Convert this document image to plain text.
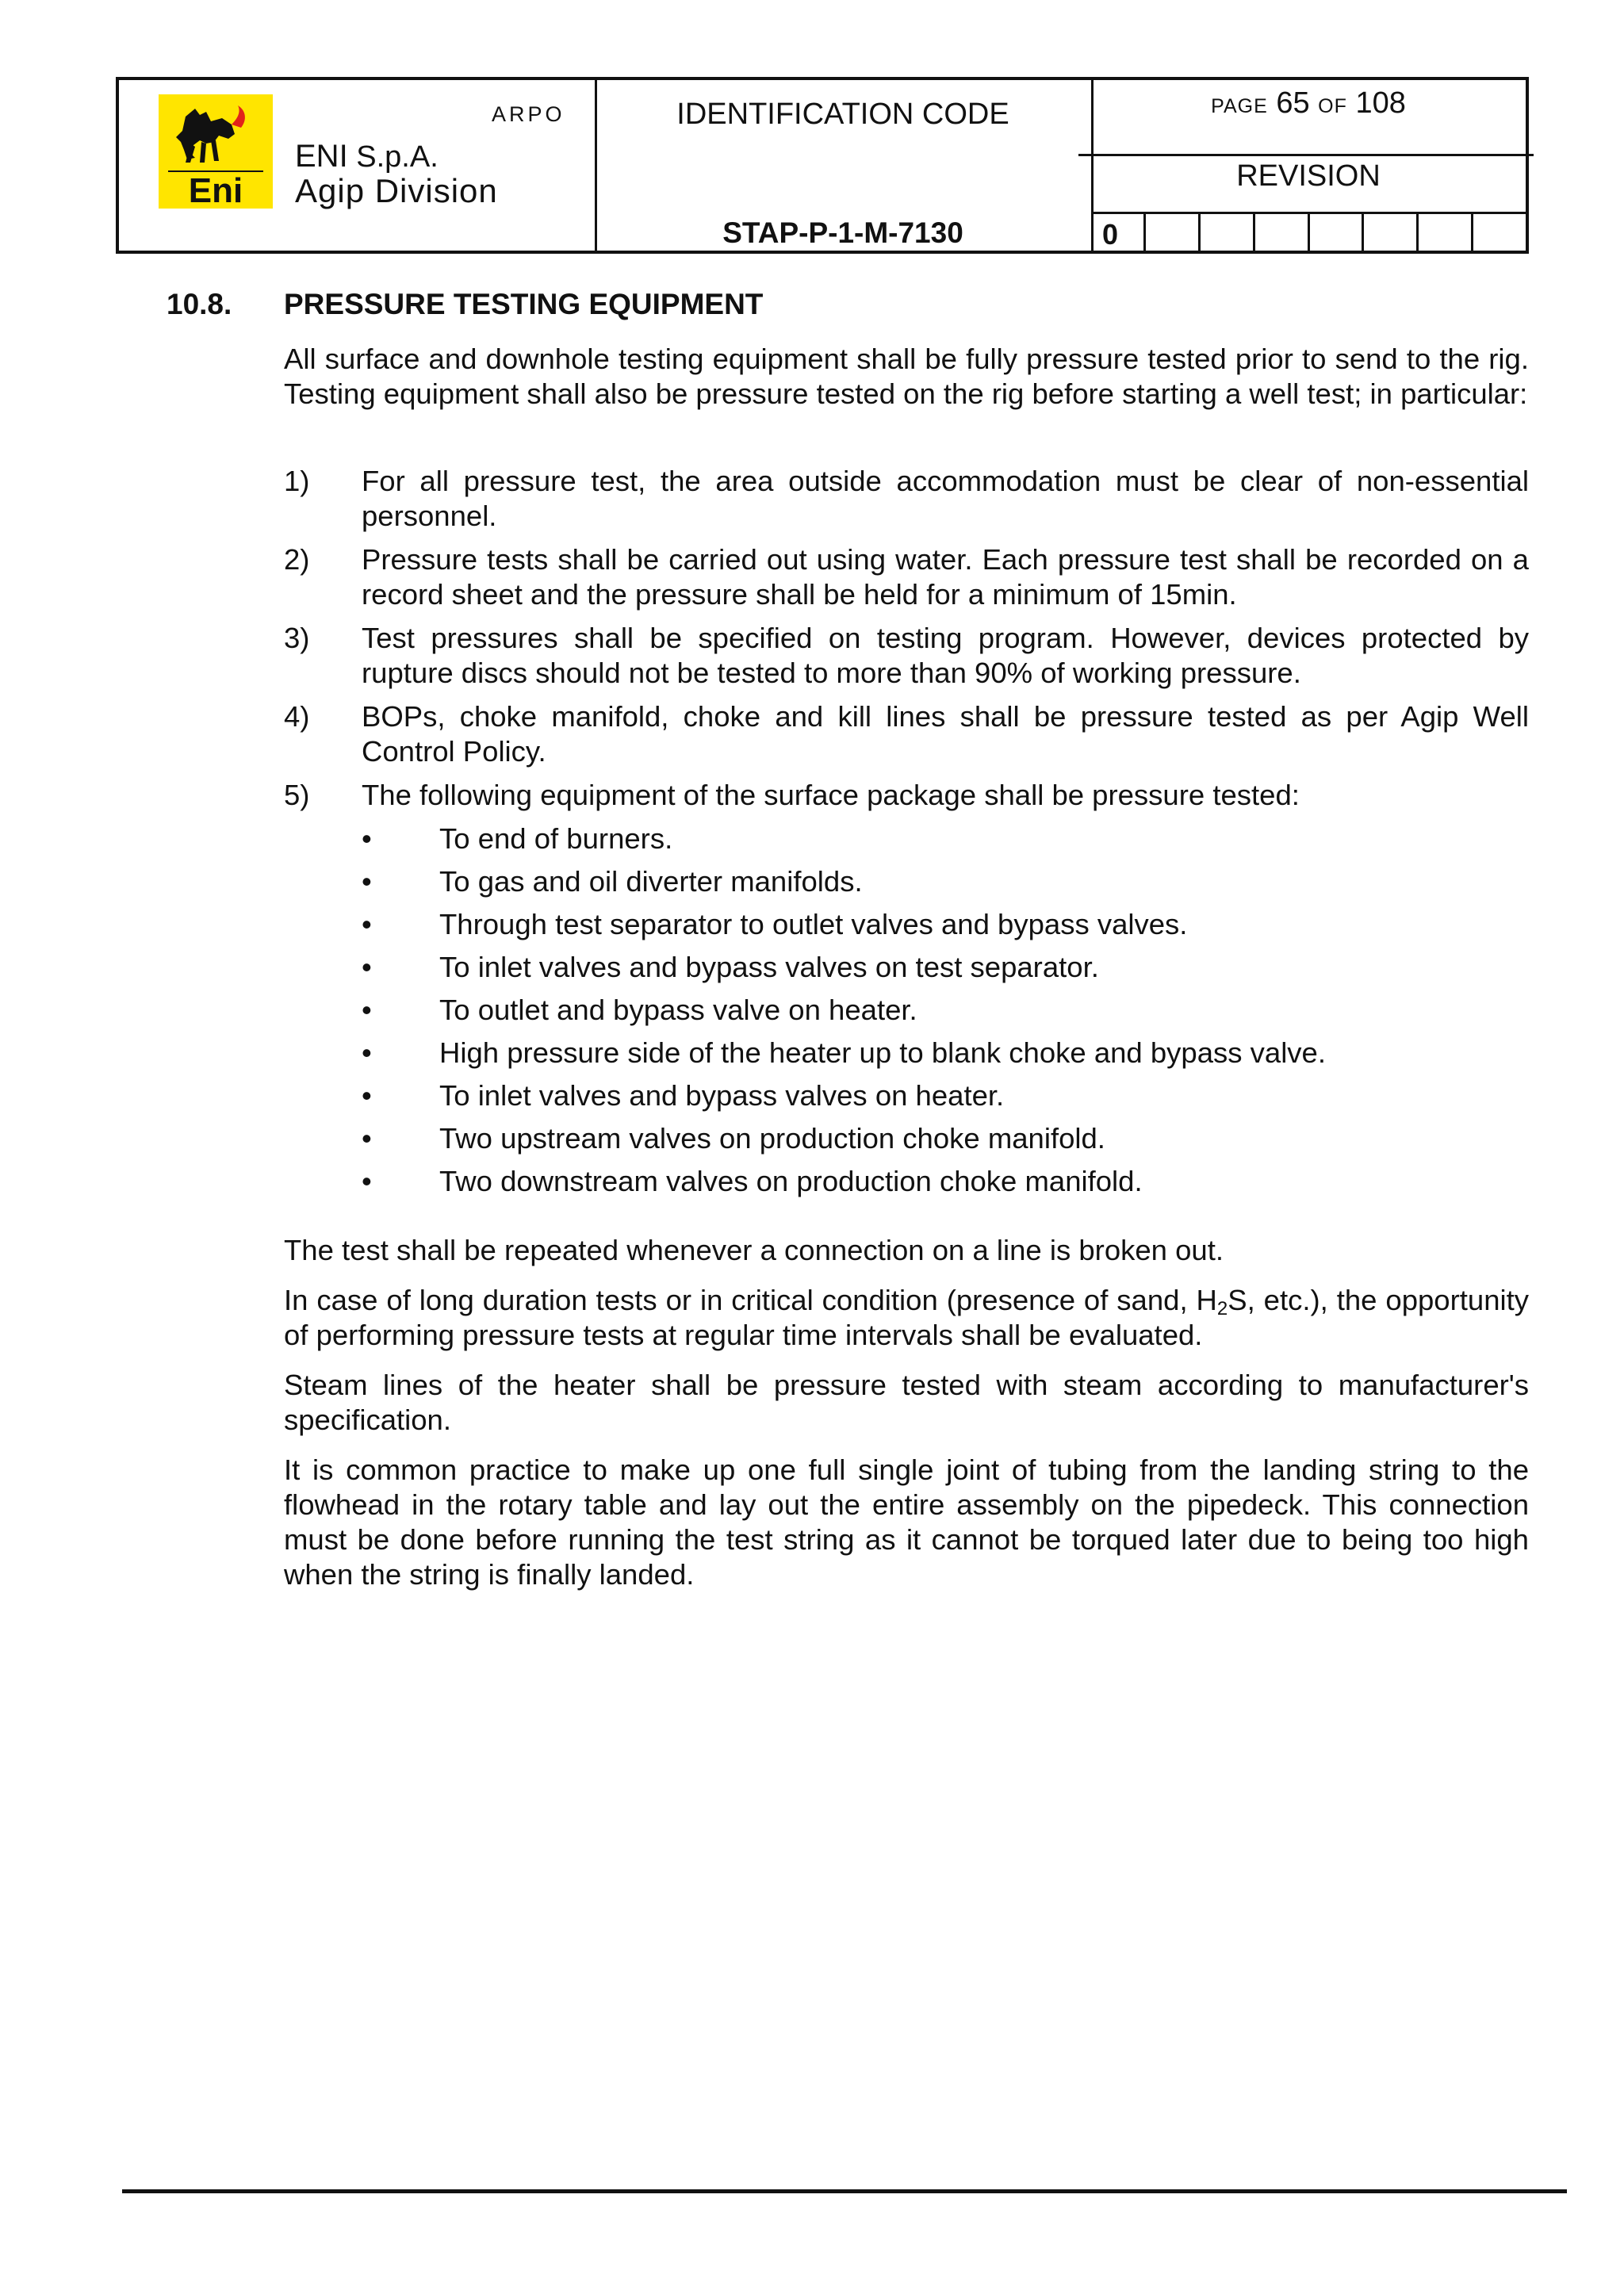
Eni
ARPO
ENI S.p.A.
Agip Division
IDENTIFICATION CODE
STAP-P-1-M-7130
PAGE 65 OF 108
REVISION
0
10.8. PRESSURE TESTING EQUIPMENT

All surface and downhole testing equipment shall be fully pressure tested prior to send to the rig. Testing equipment shall also be pressure tested on the rig before starting a well test; in particular:

1) For all pressure test, the area outside accommodation must be clear of non-essential personnel.

2) Pressure tests shall be carried out using water. Each pressure test shall be recorded on a record sheet and the pressure shall be held for a minimum of 15min.

3) Test pressures shall be specified on testing program. However, devices protected by rupture discs should not be tested to more than 90% of working pressure.

4) BOPs, choke manifold, choke and kill lines shall be pressure tested as per Agip Well Control Policy.

5) The following equipment of the surface package shall be pressure tested:

• To end of burners.
• To gas and oil diverter manifolds.
• Through test separator to outlet valves and bypass valves.
• To inlet valves and bypass valves on test separator.
• To outlet and bypass valve on heater.
• High pressure side of the heater up to blank choke and bypass valve.
• To inlet valves and bypass valves on heater.
• Two upstream valves on production choke manifold.
• Two downstream valves on production choke manifold.

The test shall be repeated whenever a connection on a line is broken out.

In case of long duration tests or in critical condition (presence of sand, $H_2S$, etc.), the opportunity of performing pressure tests at regular time intervals shall be evaluated.

Steam lines of the heater shall be pressure tested with steam according to manufacturer's specification.

It is common practice to make up one full single joint of tubing from the landing string to the flowhead in the rotary table and lay out the entire assembly on the pipedeck. This connection must be done before running the test string as it cannot be torqued later due to being too high when the string is finally landed.
